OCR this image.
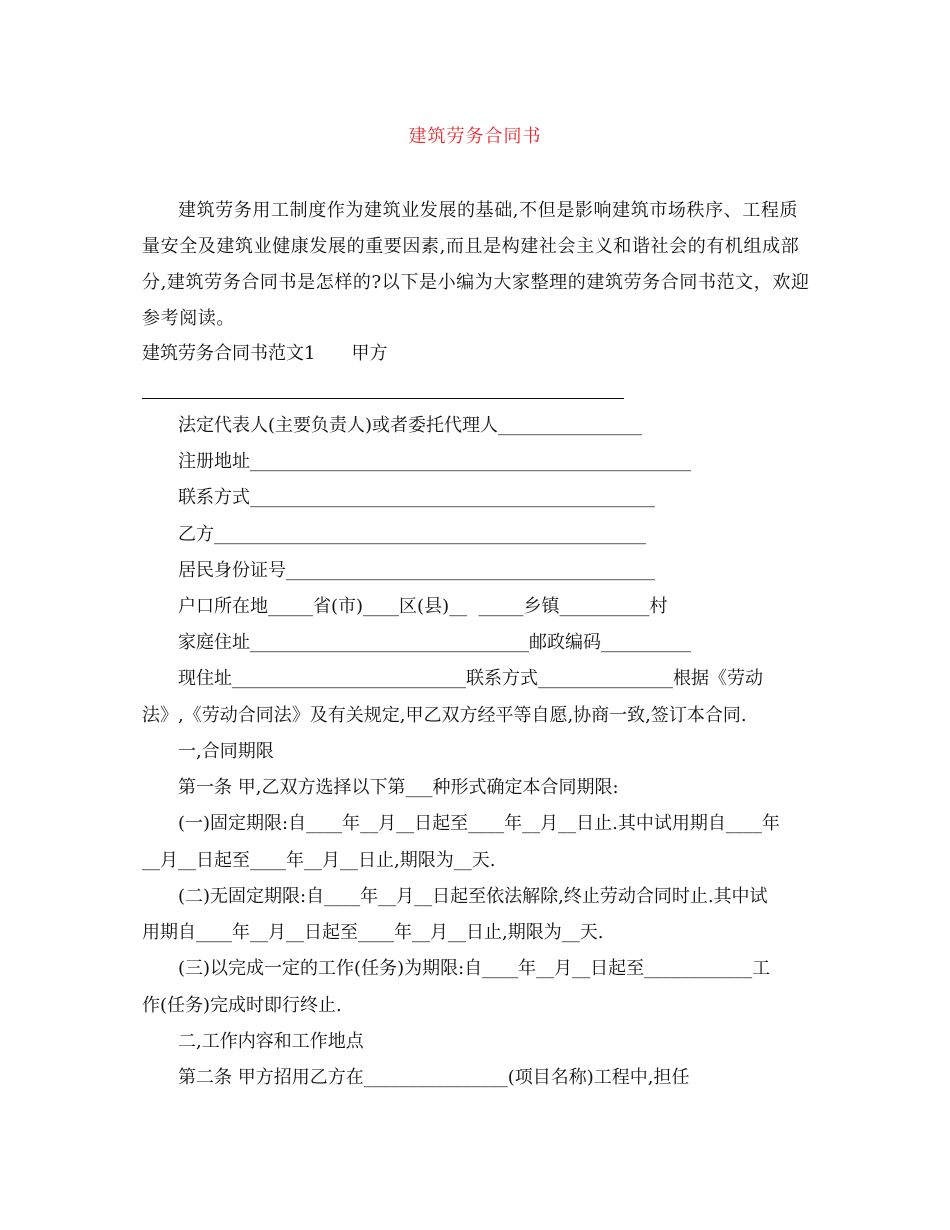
建筑劳务合同书

建筑劳务用工制度作为建筑业发展的基础,不但是影响建筑市场秩序、工程质量安全及建筑业健康发展的重要因素,而且是构建社会主义和谐社会的有机组成部分,建筑劳务合同书是怎样的?以下是小编为大家整理的建筑劳务合同书范文，欢迎参考阅读。

建筑劳务合同书范文1　　甲方
法定代表人(主要负责人)或者委托代理人________________
注册地址_________________________________________________
联系方式_____________________________________________
乙方________________________________________________
居民身份证号_________________________________________
户口所在地_____省(市)____区(县)__  _____乡镇__________村
家庭住址_______________________________邮政编码__________
现住址__________________________联系方式_______________根据《劳动
法》,《劳动合同法》及有关规定,甲乙双方经平等自愿,协商一致,签订本合同.
一,合同期限
第一条 甲,乙双方选择以下第___种形式确定本合同期限:
(一)固定期限:自____年__月__日起至____年__月__日止.其中试用期自____年
__月__日起至____年__月__日止,期限为__天.
(二)无固定期限:自____年__月__日起至依法解除,终止劳动合同时止.其中试
用期自____年__月__日起至____年__月__日止,期限为__天.
(三)以完成一定的工作(任务)为期限:自____年__月__日起至____________工
作(任务)完成时即行终止.
二,工作内容和工作地点
第二条 甲方招用乙方在________________(项目名称)工程中,担任
